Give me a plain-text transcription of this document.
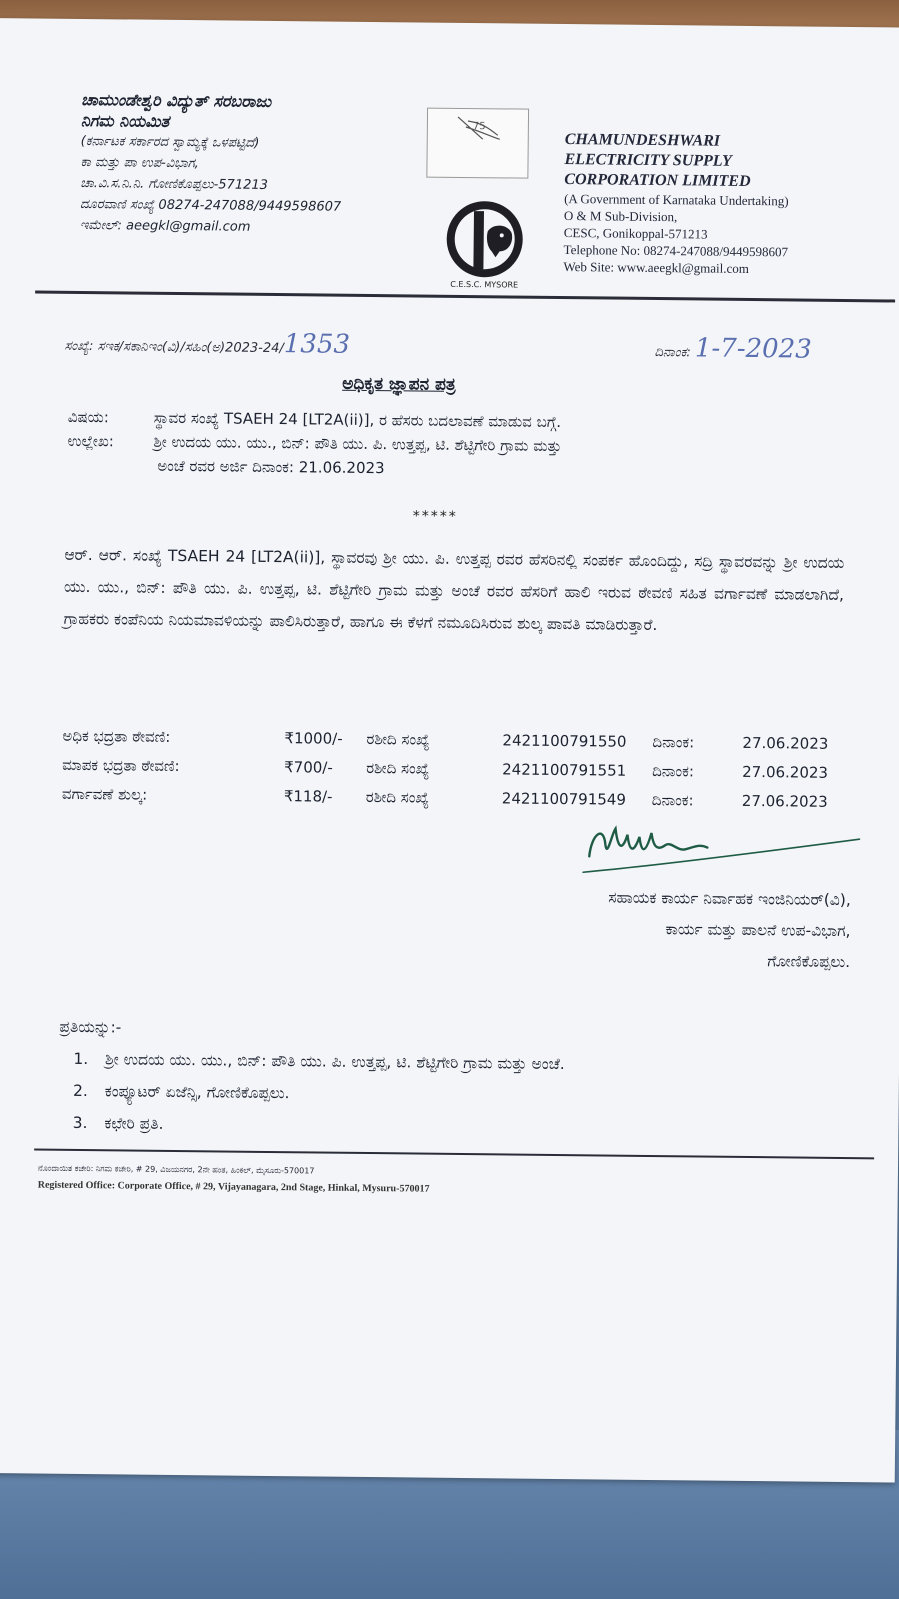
ಚಾಮುಂಡೇಶ್ವರಿ ವಿದ್ಯುತ್ ಸರಬರಾಜು
ನಿಗಮ ನಿಯಮಿತ
(ಕರ್ನಾಟಕ ಸರ್ಕಾರದ ಸ್ವಾಮ್ಯಕ್ಕೆ ಒಳಪಟ್ಟಿದೆ)
ಕಾ ಮತ್ತು ಪಾ ಉಪ-ವಿಭಾಗ,
ಚಾ.ವಿ.ಸ.ನಿ.ನಿ. ಗೋಣಿಕೊಪ್ಪಲು-571213
ದೂರವಾಣಿ ಸಂಖ್ಯೆ 08274-247088/9449598607
ಇಮೇಲ್: aeegkl@gmail.com
75
C.E.S.C. MYSORE
CHAMUNDESHWARI
ELECTRICITY SUPPLY
CORPORATION LIMITED
(A Government of Karnataka Undertaking)
O & M Sub-Division,
CESC, Gonikoppal-571213
Telephone No: 08274-247088/9449598607
Web Site: www.aeegkl@gmail.com
ಸಂಖ್ಯೆ: ಸಇಕ/ಸಕಾನಿಇಂ(ವಿ)/ಸಹಿಂ(ಅ)2023-24/1353	ದಿನಾಂಕ: 1-7-2023
ಅಧಿಕೃತ ಜ್ಞಾಪನ ಪತ್ರ
ವಿಷಯ:	ಸ್ಥಾವರ ಸಂಖ್ಯೆ TSAEH 24 [LT2A(ii)], ರ ಹೆಸರು ಬದಲಾವಣೆ ಮಾಡುವ ಬಗ್ಗೆ.
ಉಲ್ಲೇಖ:	ಶ್ರೀ ಉದಯ ಯು. ಯು., ಬಿನ್: ಪೌತಿ ಯು. ಪಿ. ಉತ್ತಪ್ಪ, ಟಿ. ಶೆಟ್ಟಿಗೇರಿ ಗ್ರಾಮ ಮತ್ತು
ಅಂಚೆ ರವರ ಅರ್ಜಿ ದಿನಾಂಕ: 21.06.2023
*****
ಆರ್. ಆರ್. ಸಂಖ್ಯೆ TSAEH 24 [LT2A(ii)], ಸ್ಥಾವರವು ಶ್ರೀ ಯು. ಪಿ. ಉತ್ತಪ್ಪ ರವರ ಹೆಸರಿನಲ್ಲಿ ಸಂಪರ್ಕ ಹೊಂದಿದ್ದು, ಸದ್ರಿ ಸ್ಥಾವರವನ್ನು ಶ್ರೀ ಉದಯ ಯು. ಯು., ಬಿನ್: ಪೌತಿ ಯು. ಪಿ. ಉತ್ತಪ್ಪ, ಟಿ. ಶೆಟ್ಟಿಗೇರಿ ಗ್ರಾಮ ಮತ್ತು ಅಂಚೆ ರವರ ಹೆಸರಿಗೆ ಹಾಲಿ ಇರುವ ಠೇವಣಿ ಸಹಿತ ವರ್ಗಾವಣೆ ಮಾಡಲಾಗಿದೆ, ಗ್ರಾಹಕರು ಕಂಪೆನಿಯ ನಿಯಮಾವಳಿಯನ್ನು ಪಾಲಿಸಿರುತ್ತಾರೆ, ಹಾಗೂ ಈ ಕೆಳಗೆ ನಮೂದಿಸಿರುವ ಶುಲ್ಕ ಪಾವತಿ ಮಾಡಿರುತ್ತಾರೆ.
ಅಧಿಕ ಭದ್ರತಾ ಠೇವಣಿ:	₹1000/-	ರಶೀದಿ ಸಂಖ್ಯೆ	2421100791550	ದಿನಾಂಕ:	27.06.2023
ಮಾಪಕ ಭದ್ರತಾ ಠೇವಣಿ:	₹700/-	ರಶೀದಿ ಸಂಖ್ಯೆ	2421100791551	ದಿನಾಂಕ:	27.06.2023
ವರ್ಗಾವಣೆ ಶುಲ್ಕ:	₹118/-	ರಶೀದಿ ಸಂಖ್ಯೆ	2421100791549	ದಿನಾಂಕ:	27.06.2023
ಸಹಾಯಕ ಕಾರ್ಯ ನಿರ್ವಾಹಕ ಇಂಜಿನಿಯರ್(ವಿ),
ಕಾರ್ಯ ಮತ್ತು ಪಾಲನೆ ಉಪ-ವಿಭಾಗ,
ಗೋಣಿಕೊಪ್ಪಲು.
ಪ್ರತಿಯನ್ನು:-
1. ಶ್ರೀ ಉದಯ ಯು. ಯು., ಬಿನ್: ಪೌತಿ ಯು. ಪಿ. ಉತ್ತಪ್ಪ, ಟಿ. ಶೆಟ್ಟಿಗೇರಿ ಗ್ರಾಮ ಮತ್ತು ಅಂಚೆ.
2. ಕಂಪ್ಯೂಟರ್ ಏಜೆನ್ಸಿ, ಗೋಣಿಕೊಪ್ಪಲು.
3. ಕಛೇರಿ ಪ್ರತಿ.
ನೊಂದಾಯಿತ ಕಚೇರಿ: ನಿಗಮ ಕಚೇರಿ, # 29, ವಿಜಯನಗರ, 2ನೇ ಹಂತ, ಹಿಂಕಲ್, ಮೈಸೂರು-570017
Registered Office: Corporate Office, # 29, Vijayanagara, 2nd Stage, Hinkal, Mysuru-570017
